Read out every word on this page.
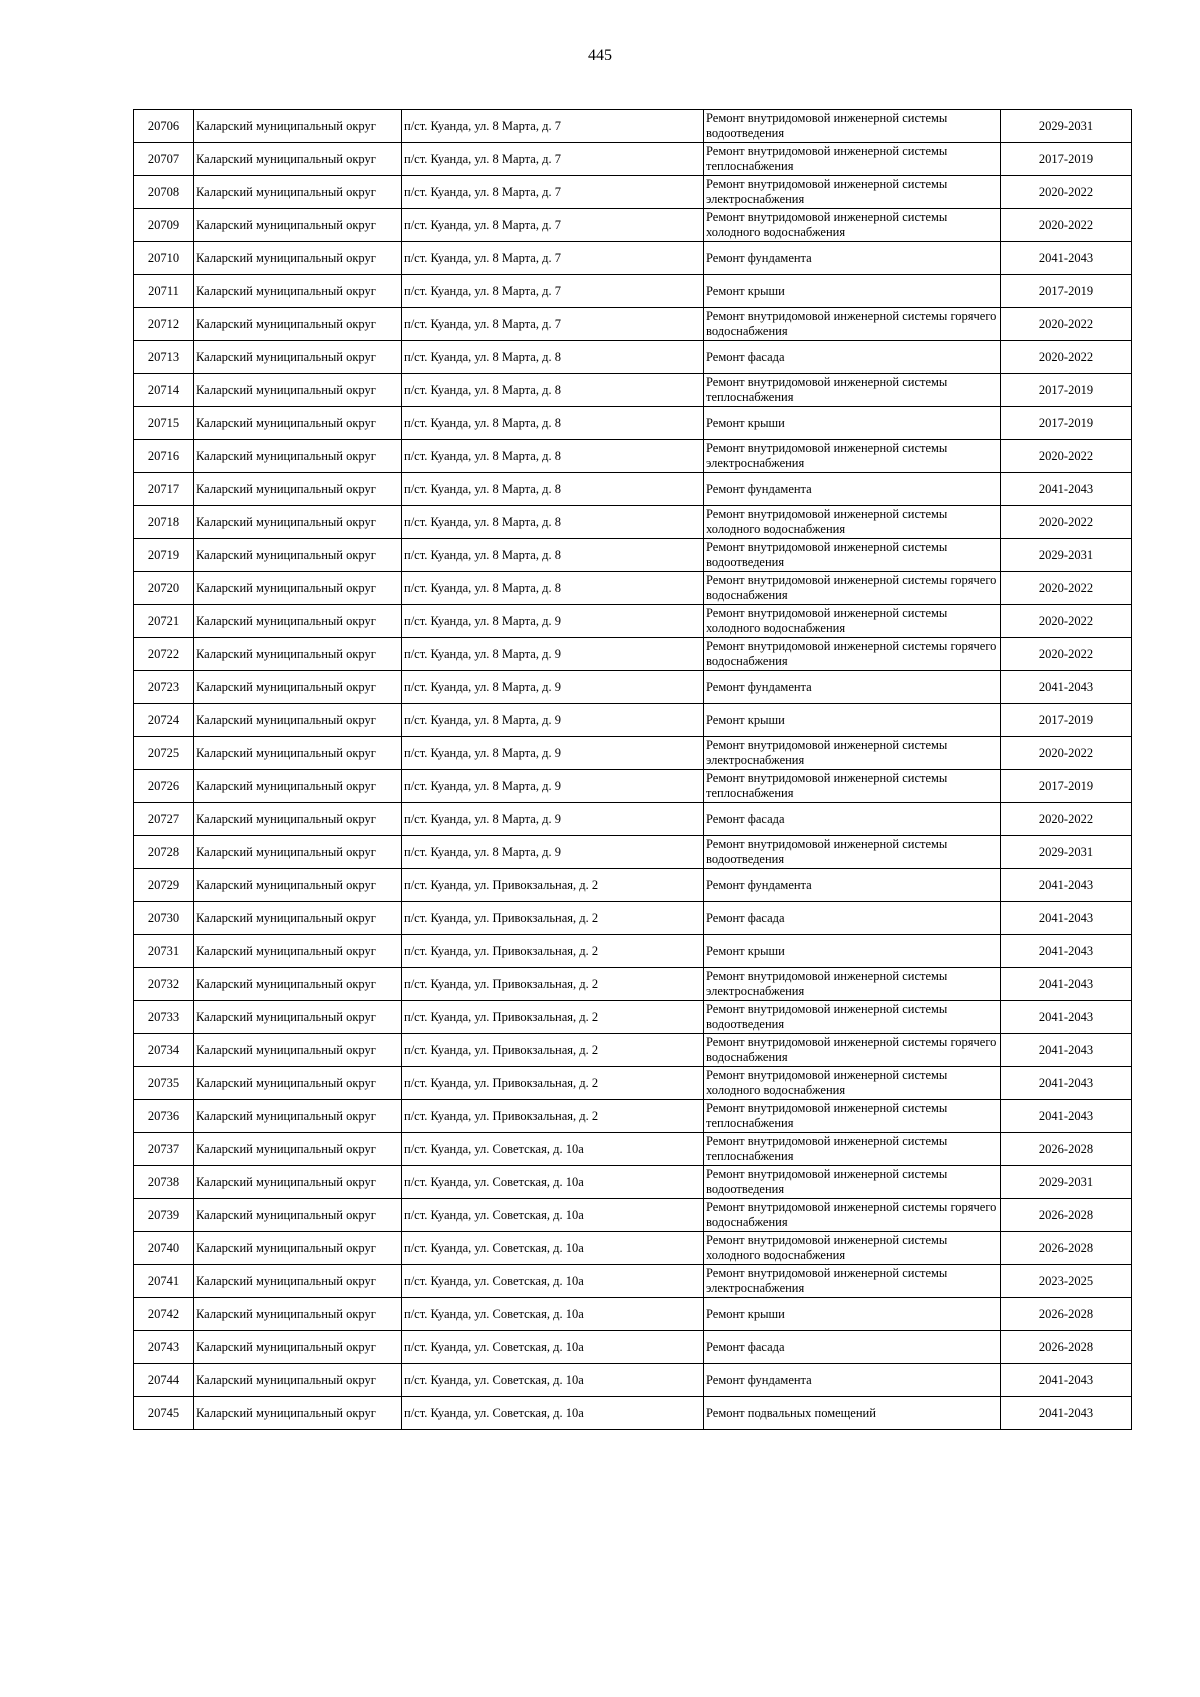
445
20706	Каларский муниципальный округ	п/ст. Куанда, ул. 8 Марта, д. 7	Ремонт внутридомовой инженерной системы водоотведения	2029-2031
20707	Каларский муниципальный округ	п/ст. Куанда, ул. 8 Марта, д. 7	Ремонт внутридомовой инженерной системы теплоснабжения	2017-2019
20708	Каларский муниципальный округ	п/ст. Куанда, ул. 8 Марта, д. 7	Ремонт внутридомовой инженерной системы электроснабжения	2020-2022
20709	Каларский муниципальный округ	п/ст. Куанда, ул. 8 Марта, д. 7	Ремонт внутридомовой инженерной системы холодного водоснабжения	2020-2022
20710	Каларский муниципальный округ	п/ст. Куанда, ул. 8 Марта, д. 7	Ремонт фундамента	2041-2043
20711	Каларский муниципальный округ	п/ст. Куанда, ул. 8 Марта, д. 7	Ремонт крыши	2017-2019
20712	Каларский муниципальный округ	п/ст. Куанда, ул. 8 Марта, д. 7	Ремонт внутридомовой инженерной системы горячего водоснабжения	2020-2022
20713	Каларский муниципальный округ	п/ст. Куанда, ул. 8 Марта, д. 8	Ремонт фасада	2020-2022
20714	Каларский муниципальный округ	п/ст. Куанда, ул. 8 Марта, д. 8	Ремонт внутридомовой инженерной системы теплоснабжения	2017-2019
20715	Каларский муниципальный округ	п/ст. Куанда, ул. 8 Марта, д. 8	Ремонт крыши	2017-2019
20716	Каларский муниципальный округ	п/ст. Куанда, ул. 8 Марта, д. 8	Ремонт внутридомовой инженерной системы электроснабжения	2020-2022
20717	Каларский муниципальный округ	п/ст. Куанда, ул. 8 Марта, д. 8	Ремонт фундамента	2041-2043
20718	Каларский муниципальный округ	п/ст. Куанда, ул. 8 Марта, д. 8	Ремонт внутридомовой инженерной системы холодного водоснабжения	2020-2022
20719	Каларский муниципальный округ	п/ст. Куанда, ул. 8 Марта, д. 8	Ремонт внутридомовой инженерной системы водоотведения	2029-2031
20720	Каларский муниципальный округ	п/ст. Куанда, ул. 8 Марта, д. 8	Ремонт внутридомовой инженерной системы горячего водоснабжения	2020-2022
20721	Каларский муниципальный округ	п/ст. Куанда, ул. 8 Марта, д. 9	Ремонт внутридомовой инженерной системы холодного водоснабжения	2020-2022
20722	Каларский муниципальный округ	п/ст. Куанда, ул. 8 Марта, д. 9	Ремонт внутридомовой инженерной системы горячего водоснабжения	2020-2022
20723	Каларский муниципальный округ	п/ст. Куанда, ул. 8 Марта, д. 9	Ремонт фундамента	2041-2043
20724	Каларский муниципальный округ	п/ст. Куанда, ул. 8 Марта, д. 9	Ремонт крыши	2017-2019
20725	Каларский муниципальный округ	п/ст. Куанда, ул. 8 Марта, д. 9	Ремонт внутридомовой инженерной системы электроснабжения	2020-2022
20726	Каларский муниципальный округ	п/ст. Куанда, ул. 8 Марта, д. 9	Ремонт внутридомовой инженерной системы теплоснабжения	2017-2019
20727	Каларский муниципальный округ	п/ст. Куанда, ул. 8 Марта, д. 9	Ремонт фасада	2020-2022
20728	Каларский муниципальный округ	п/ст. Куанда, ул. 8 Марта, д. 9	Ремонт внутридомовой инженерной системы водоотведения	2029-2031
20729	Каларский муниципальный округ	п/ст. Куанда, ул. Привокзальная, д. 2	Ремонт фундамента	2041-2043
20730	Каларский муниципальный округ	п/ст. Куанда, ул. Привокзальная, д. 2	Ремонт фасада	2041-2043
20731	Каларский муниципальный округ	п/ст. Куанда, ул. Привокзальная, д. 2	Ремонт крыши	2041-2043
20732	Каларский муниципальный округ	п/ст. Куанда, ул. Привокзальная, д. 2	Ремонт внутридомовой инженерной системы электроснабжения	2041-2043
20733	Каларский муниципальный округ	п/ст. Куанда, ул. Привокзальная, д. 2	Ремонт внутридомовой инженерной системы водоотведения	2041-2043
20734	Каларский муниципальный округ	п/ст. Куанда, ул. Привокзальная, д. 2	Ремонт внутридомовой инженерной системы горячего водоснабжения	2041-2043
20735	Каларский муниципальный округ	п/ст. Куанда, ул. Привокзальная, д. 2	Ремонт внутридомовой инженерной системы холодного водоснабжения	2041-2043
20736	Каларский муниципальный округ	п/ст. Куанда, ул. Привокзальная, д. 2	Ремонт внутридомовой инженерной системы теплоснабжения	2041-2043
20737	Каларский муниципальный округ	п/ст. Куанда, ул. Советская, д. 10а	Ремонт внутридомовой инженерной системы теплоснабжения	2026-2028
20738	Каларский муниципальный округ	п/ст. Куанда, ул. Советская, д. 10а	Ремонт внутридомовой инженерной системы водоотведения	2029-2031
20739	Каларский муниципальный округ	п/ст. Куанда, ул. Советская, д. 10а	Ремонт внутридомовой инженерной системы горячего водоснабжения	2026-2028
20740	Каларский муниципальный округ	п/ст. Куанда, ул. Советская, д. 10а	Ремонт внутридомовой инженерной системы холодного водоснабжения	2026-2028
20741	Каларский муниципальный округ	п/ст. Куанда, ул. Советская, д. 10а	Ремонт внутридомовой инженерной системы электроснабжения	2023-2025
20742	Каларский муниципальный округ	п/ст. Куанда, ул. Советская, д. 10а	Ремонт крыши	2026-2028
20743	Каларский муниципальный округ	п/ст. Куанда, ул. Советская, д. 10а	Ремонт фасада	2026-2028
20744	Каларский муниципальный округ	п/ст. Куанда, ул. Советская, д. 10а	Ремонт фундамента	2041-2043
20745	Каларский муниципальный округ	п/ст. Куанда, ул. Советская, д. 10а	Ремонт подвальных помещений	2041-2043
